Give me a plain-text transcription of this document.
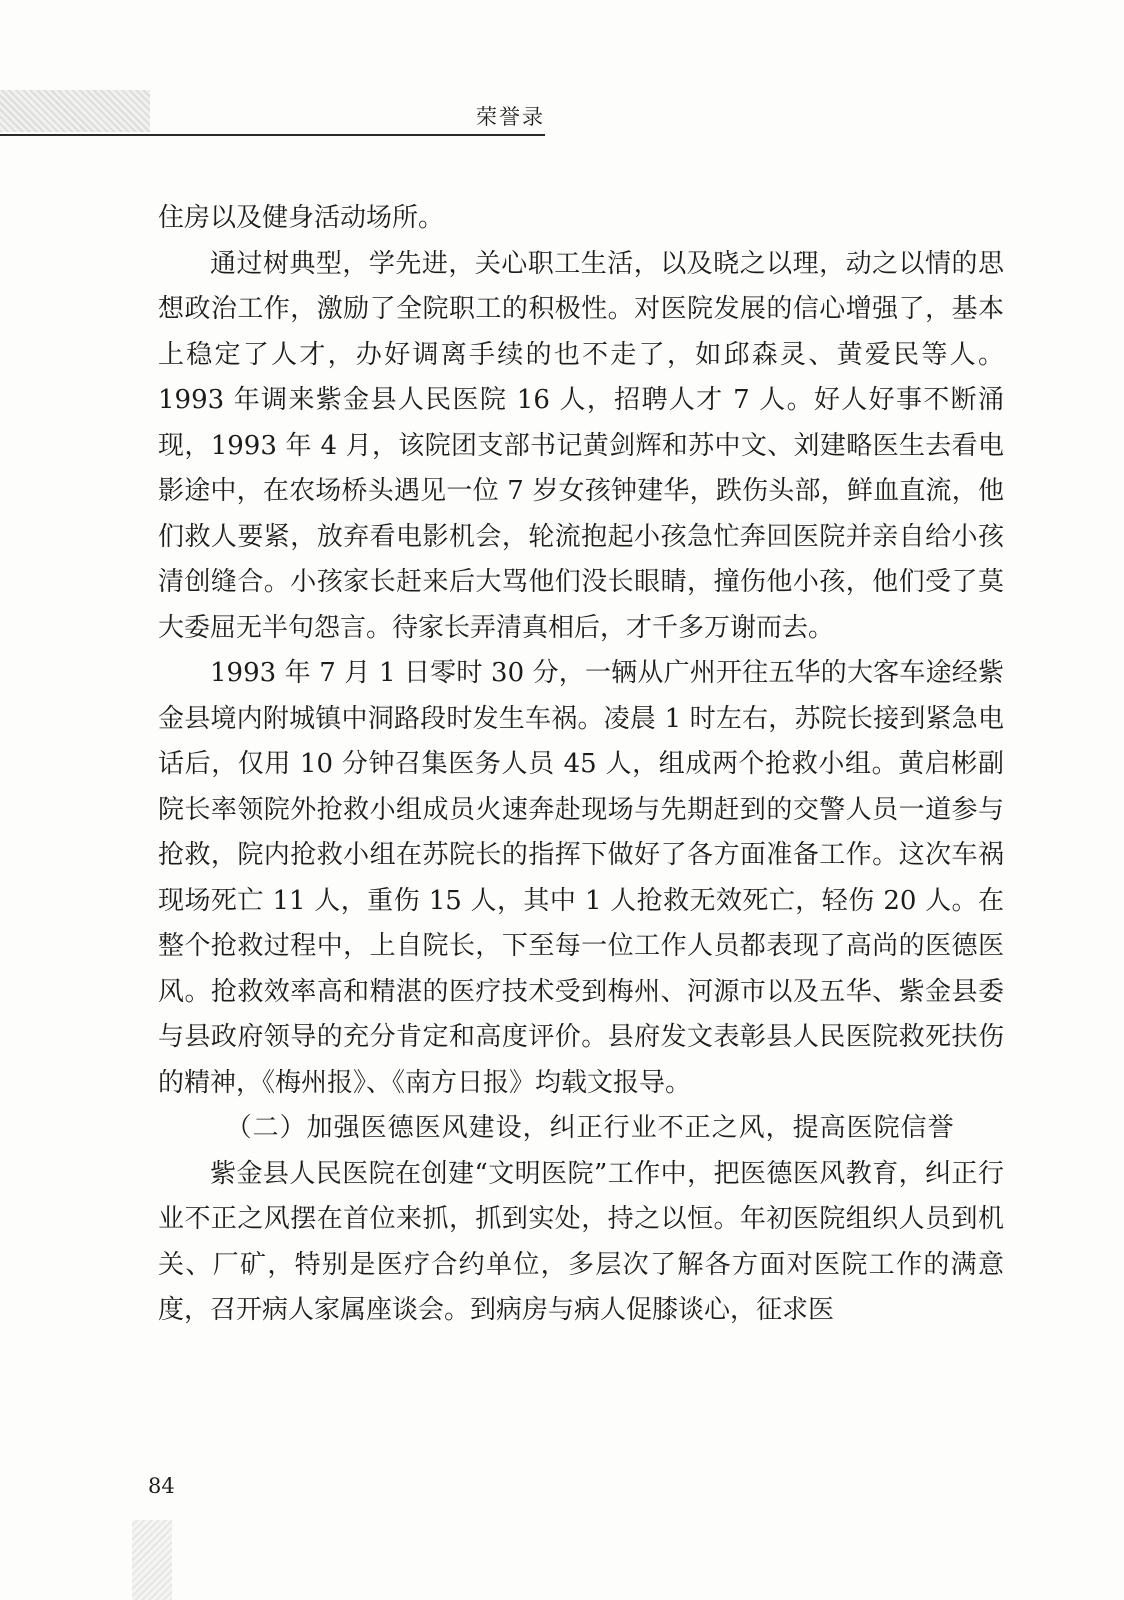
荣誉录

住房以及健身活动场所。

通过树典型，学先进，关心职工生活，以及晓之以理，动之以情的思想政治工作，激励了全院职工的积极性。对医院发展的信心增强了，基本上稳定了人才，办好调离手续的也不走了，如邱森灵、黄爱民等人。1993 年调来紫金县人民医院 16 人，招聘人才 7 人。好人好事不断涌现，1993 年 4 月，该院团支部书记黄剑辉和苏中文、刘建略医生去看电影途中，在农场桥头遇见一位 7 岁女孩钟建华，跌伤头部，鲜血直流，他们救人要紧，放弃看电影机会，轮流抱起小孩急忙奔回医院并亲自给小孩清创缝合。小孩家长赶来后大骂他们没长眼睛，撞伤他小孩，他们受了莫大委屈无半句怨言。待家长弄清真相后，才千多万谢而去。

1993 年 7 月 1 日零时 30 分，一辆从广州开往五华的大客车途经紫金县境内附城镇中洞路段时发生车祸。凌晨 1 时左右，苏院长接到紧急电话后，仅用 10 分钟召集医务人员 45 人，组成两个抢救小组。黄启彬副院长率领院外抢救小组成员火速奔赴现场与先期赶到的交警人员一道参与抢救，院内抢救小组在苏院长的指挥下做好了各方面准备工作。这次车祸现场死亡 11 人，重伤 15 人，其中 1 人抢救无效死亡，轻伤 20 人。在整个抢救过程中，上自院长，下至每一位工作人员都表现了高尚的医德医风。抢救效率高和精湛的医疗技术受到梅州、河源市以及五华、紫金县委与县政府领导的充分肯定和高度评价。县府发文表彰县人民医院救死扶伤的精神，《梅州报》、《南方日报》均载文报导。

（二）加强医德医风建设，纠正行业不正之风，提高医院信誉

紫金县人民医院在创建“文明医院”工作中，把医德医风教育，纠正行业不正之风摆在首位来抓，抓到实处，持之以恒。年初医院组织人员到机关、厂矿，特别是医疗合约单位，多层次了解各方面对医院工作的满意度，召开病人家属座谈会。到病房与病人促膝谈心，征求医

84
